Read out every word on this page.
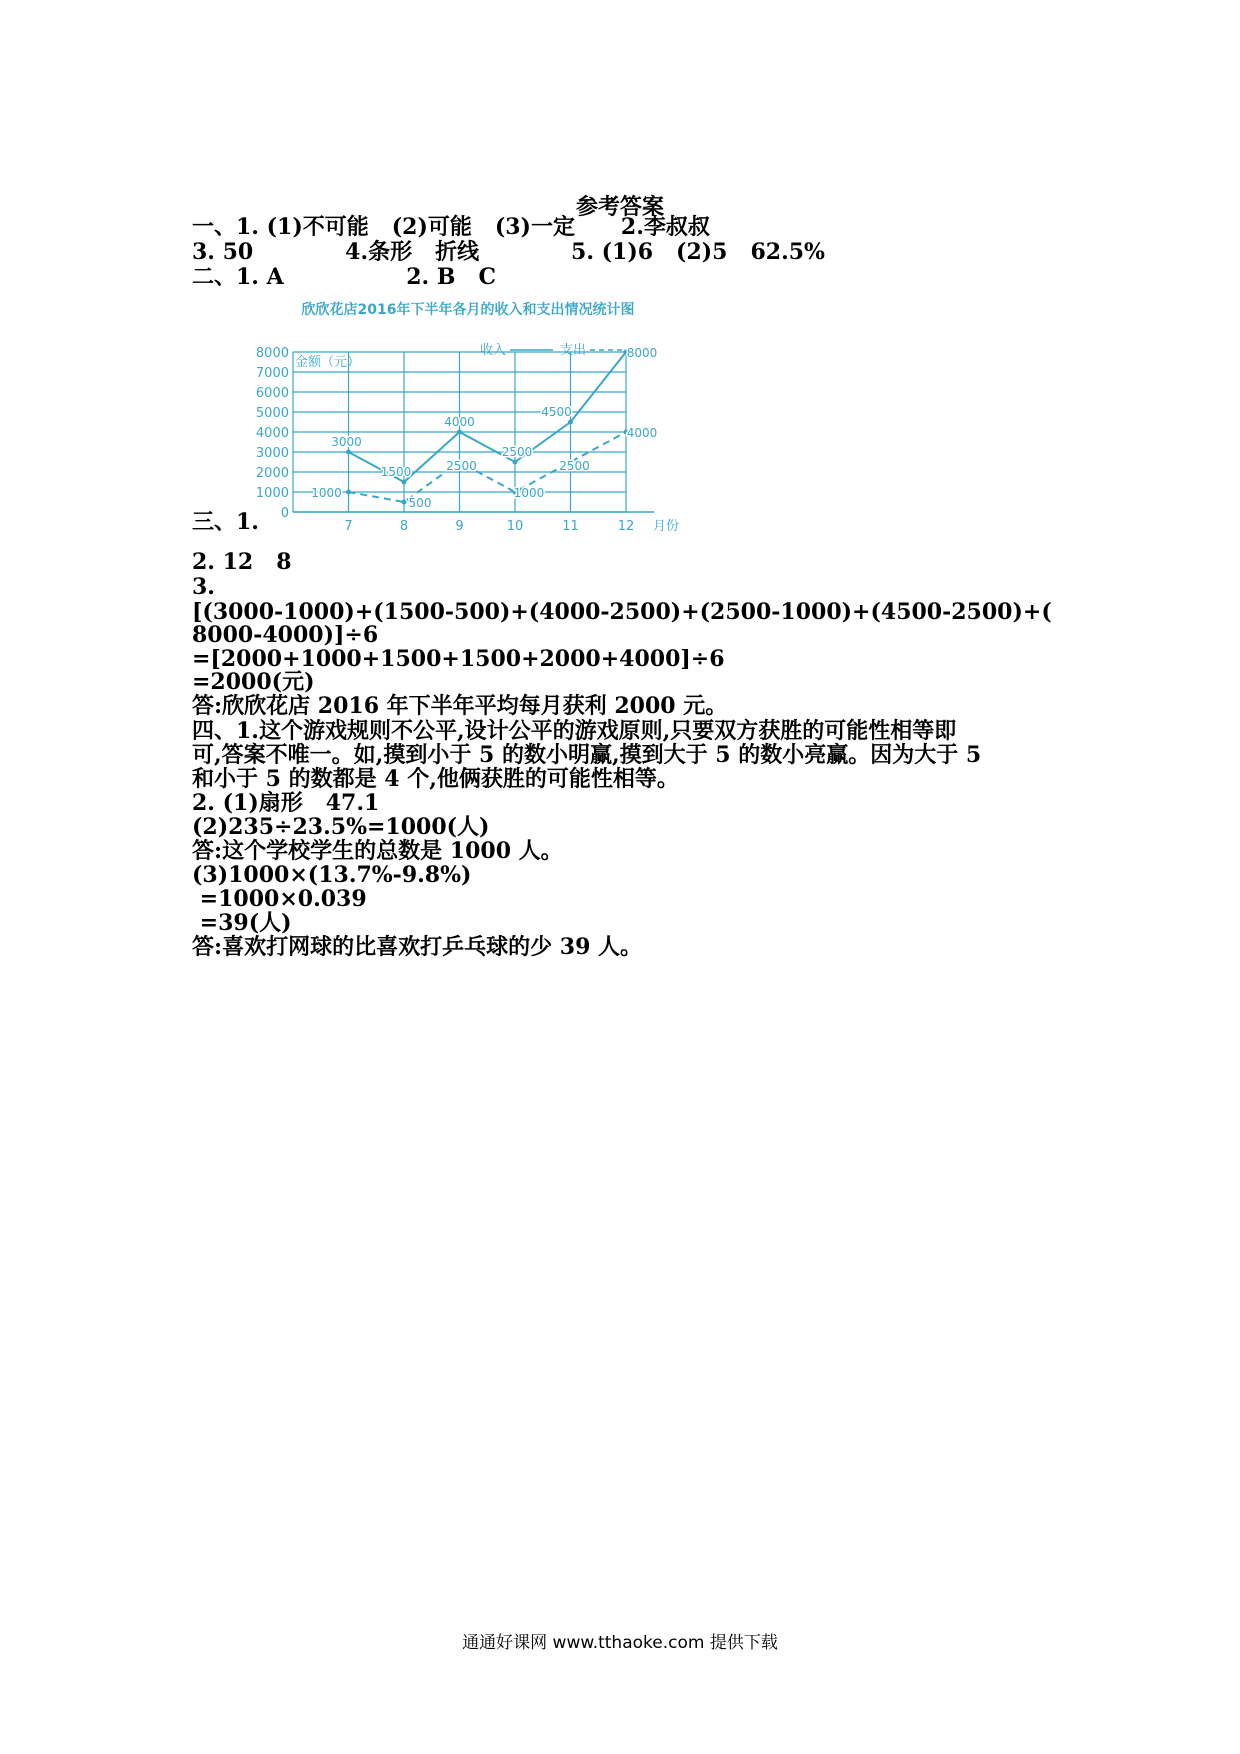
参考答案
一、1. (1)不可能   (2)可能   (3)一定      2.李叔叔
3. 50            4.条形   折线            5. (1)6   (2)5   62.5%
二、1. A                2. B   C
欣欣花店2016年下半年各月的收入和支出情况统计图
0
1000
2000
3000
4000
5000
6000
7000
8000
7	8	9	10	11	12 月份
金额（元）
收入	支出
3000
1500
4000
2500
4500
8000
1000
500
2500
1000
2500
4000
三、1.
2. 12   8
3.
[(3000-1000)+(1500-500)+(4000-2500)+(2500-1000)+(4500-2500)+(
8000-4000)]÷6
=[2000+1000+1500+1500+2000+4000]÷6
=2000(元)
答:欣欣花店 2016 年下半年平均每月获利 2000 元。
四、1.这个游戏规则不公平,设计公平的游戏原则,只要双方获胜的可能性相等即
可,答案不唯一。如,摸到小于 5 的数小明赢,摸到大于 5 的数小亮赢。因为大于 5
和小于 5 的数都是 4 个,他俩获胜的可能性相等。
2. (1)扇形   47.1
(2)235÷23.5%=1000(人)
答:这个学校学生的总数是 1000 人。
(3)1000×(13.7%-9.8%)
=1000×0.039
=39(人)
答:喜欢打网球的比喜欢打乒乓球的少 39 人。
通通好课网 www.tthaoke.com 提供下载
